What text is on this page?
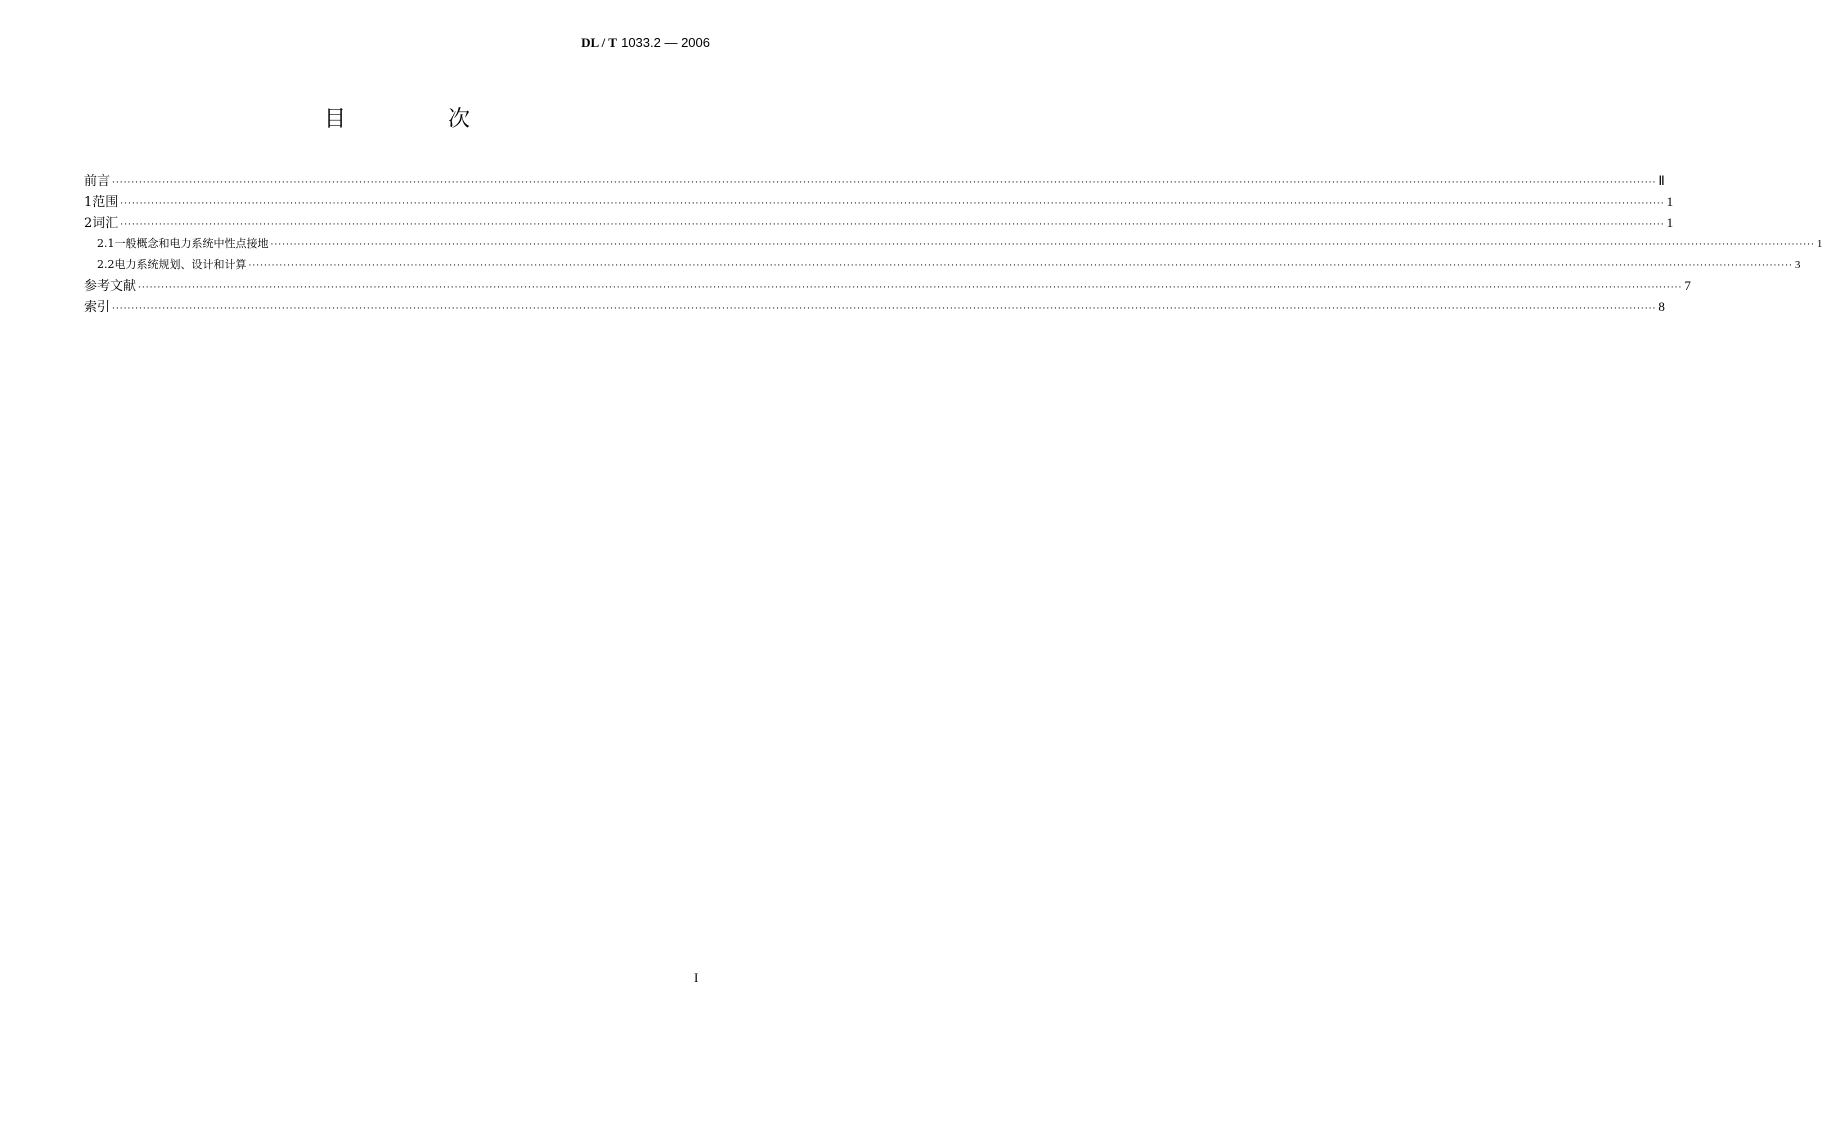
DL / T 1033.2 — 2006
目　次
前言 ················································································································································································································································································································································································································ Ⅱ
1 范围 ················································································································································································································································································································································································································ 1
2 词汇 ················································································································································································································································································································································································································ 1
2.1 一般概念和电力系统中性点接地 ················································································································································································································································································································································································································ 1
2.2 电力系统规划、设计和计算 ················································································································································································································································································································································································································ 3
参考文献 ················································································································································································································································································································································································································ 7
索引 ················································································································································································································································································································································································································ 8
I
